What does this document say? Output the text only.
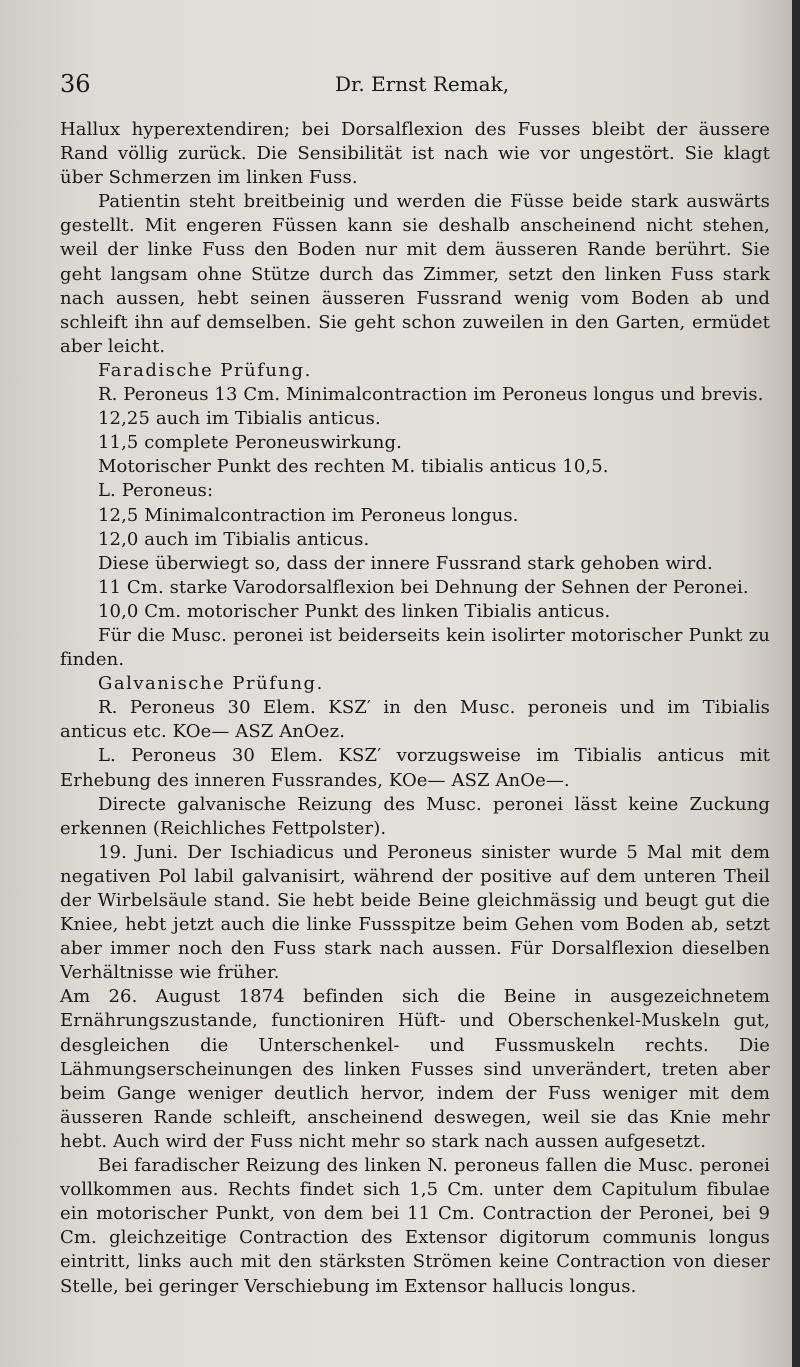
36	Dr. Ernst Remak,

Hallux hyperextendiren; bei Dorsalflexion des Fusses bleibt der äussere Rand völlig zurück. Die Sensibilität ist nach wie vor ungestört. Sie klagt über Schmerzen im linken Fuss.

Patientin steht breitbeinig und werden die Füsse beide stark auswärts gestellt. Mit engeren Füssen kann sie deshalb anscheinend nicht stehen, weil der linke Fuss den Boden nur mit dem äusseren Rande berührt. Sie geht langsam ohne Stütze durch das Zimmer, setzt den linken Fuss stark nach aussen, hebt seinen äusseren Fussrand wenig vom Boden ab und schleift ihn auf demselben. Sie geht schon zuweilen in den Garten, ermüdet aber leicht.

Faradische Prüfung.

R. Peroneus 13 Cm. Minimalcontraction im Peroneus longus und brevis.

12,25 auch im Tibialis anticus.

11,5 complete Peroneuswirkung.

Motorischer Punkt des rechten M. tibialis anticus 10,5.

L. Peroneus:

12,5 Minimalcontraction im Peroneus longus.

12,0 auch im Tibialis anticus.

Diese überwiegt so, dass der innere Fussrand stark gehoben wird.

11 Cm. starke Varodorsalflexion bei Dehnung der Sehnen der Peronei.

10,0 Cm. motorischer Punkt des linken Tibialis anticus.

Für die Musc. peronei ist beiderseits kein isolirter motorischer Punkt zu finden.

Galvanische Prüfung.

R. Peroneus 30 Elem. KSZ′ in den Musc. peroneis und im Tibialis anticus etc. KOe— ASZ AnOez.

L. Peroneus 30 Elem. KSZ′ vorzugsweise im Tibialis anticus mit Erhebung des inneren Fussrandes, KOe— ASZ AnOe—.

Directe galvanische Reizung des Musc. peronei lässt keine Zuckung erkennen (Reichliches Fettpolster).

19. Juni. Der Ischiadicus und Peroneus sinister wurde 5 Mal mit dem negativen Pol labil galvanisirt, während der positive auf dem unteren Theil der Wirbelsäule stand. Sie hebt beide Beine gleichmässig und beugt gut die Kniee, hebt jetzt auch die linke Fussspitze beim Gehen vom Boden ab, setzt aber immer noch den Fuss stark nach aussen. Für Dorsalflexion dieselben Verhältnisse wie früher.

Am 26. August 1874 befinden sich die Beine in ausgezeichnetem Ernährungszustande, functioniren Hüft- und Oberschenkel-Muskeln gut, desgleichen die Unterschenkel- und Fussmuskeln rechts. Die Lähmungserscheinungen des linken Fusses sind unverändert, treten aber beim Gange weniger deutlich hervor, indem der Fuss weniger mit dem äusseren Rande schleift, anscheinend deswegen, weil sie das Knie mehr hebt. Auch wird der Fuss nicht mehr so stark nach aussen aufgesetzt.

Bei faradischer Reizung des linken N. peroneus fallen die Musc. peronei vollkommen aus. Rechts findet sich 1,5 Cm. unter dem Capitulum fibulae ein motorischer Punkt, von dem bei 11 Cm. Contraction der Peronei, bei 9 Cm. gleichzeitige Contraction des Extensor digitorum communis longus eintritt, links auch mit den stärksten Strömen keine Contraction von dieser Stelle, bei geringer Verschiebung im Extensor hallucis longus.
